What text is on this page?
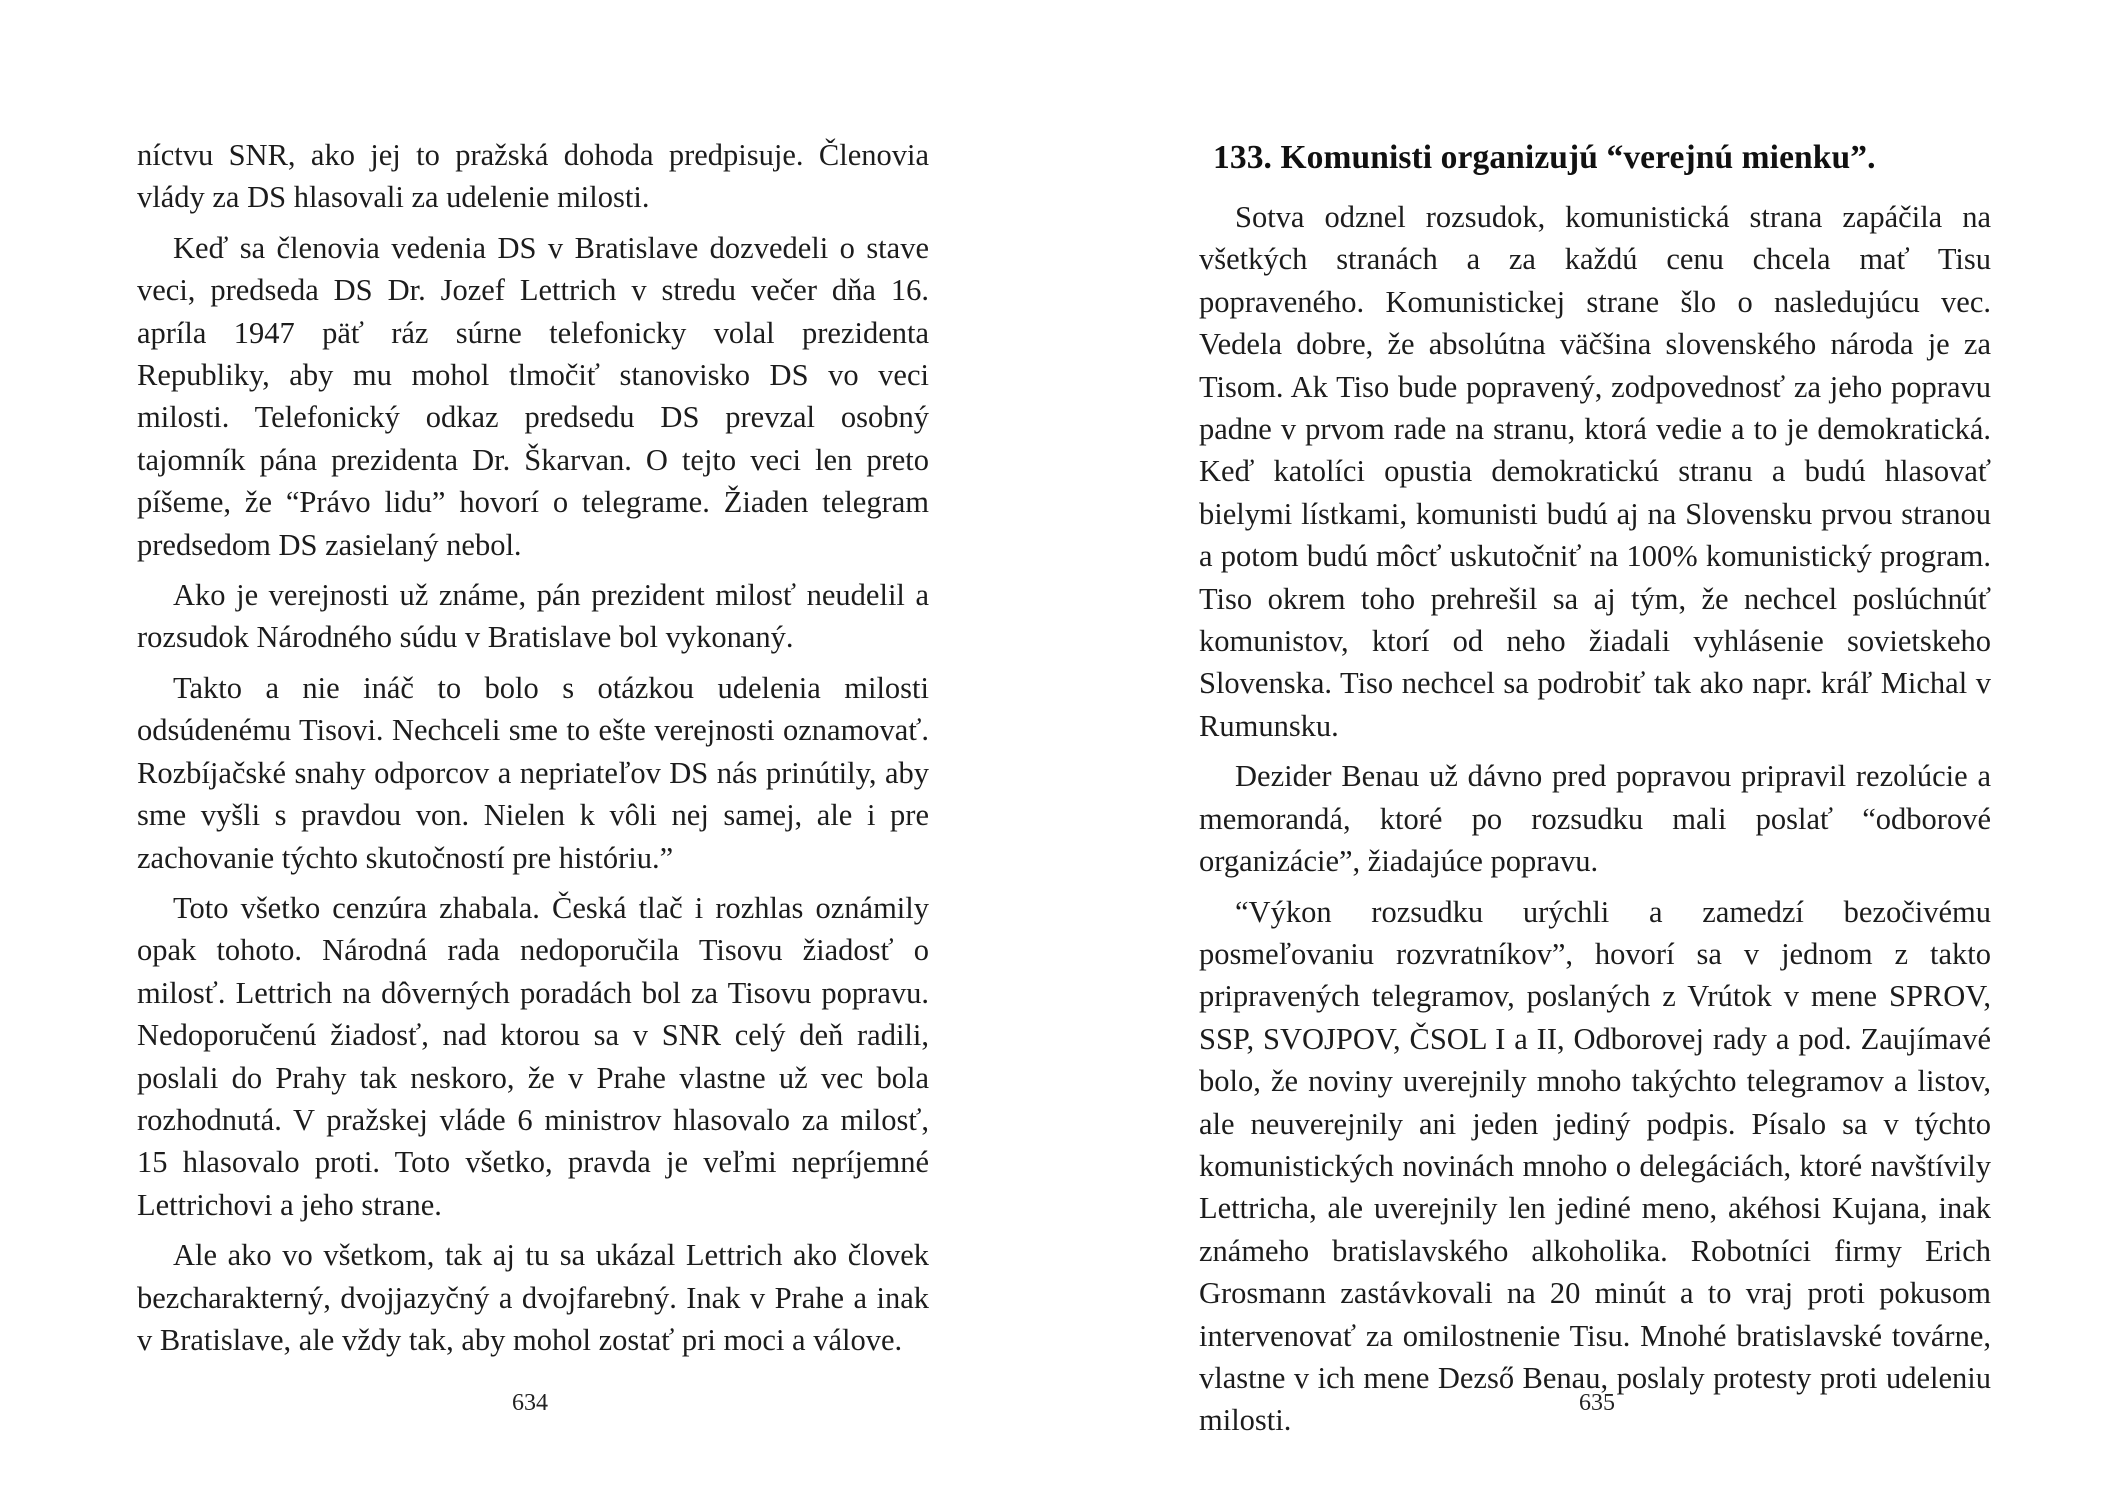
níctvu SNR, ako jej to pražská dohoda predpisuje. Členovia vlády za DS hlasovali za udelenie milosti.

Keď sa členovia vedenia DS v Bratislave dozvedeli o stave veci, predseda DS Dr. Jozef Lettrich v stredu večer dňa 16. apríla 1947 päť ráz súrne telefonicky volal prezidenta Republiky, aby mu mohol tlmočiť stanovisko DS vo veci milosti. Telefonický odkaz predsedu DS prevzal osobný tajomník pána prezidenta Dr. Škarvan. O tejto veci len preto píšeme, že “Právo lidu” hovorí o telegrame. Žiaden telegram predsedom DS zasielaný nebol.

Ako je verejnosti už známe, pán prezident milosť neudelil a rozsudok Národného súdu v Bratislave bol vykonaný.

Takto a nie ináč to bolo s otázkou udelenia milosti odsúdenému Tisovi. Nechceli sme to ešte verejnosti oznamovať. Rozbíjačské snahy odporcov a nepriateľov DS nás prinútily, aby sme vyšli s pravdou von. Nielen k vôli nej samej, ale i pre zachovanie týchto skutočností pre históriu.”

Toto všetko cenzúra zhabala. Česká tlač i rozhlas oznámily opak tohoto. Národná rada nedoporučila Tisovu žiadosť o milosť. Lettrich na dôverných poradách bol za Tisovu popravu. Nedoporučenú žiadosť, nad ktorou sa v SNR celý deň radili, poslali do Prahy tak neskoro, že v Prahe vlastne už vec bola rozhodnutá. V pražskej vláde 6 ministrov hlasovalo za milosť, 15 hlasovalo proti. Toto všetko, pravda je veľmi nepríjemné Lettrichovi a jeho strane.

Ale ako vo všetkom, tak aj tu sa ukázal Lettrich ako človek bezcharakterný, dvojjazyčný a dvojfarebný. Inak v Prahe a inak v Bratislave, ale vždy tak, aby mohol zostať pri moci a válove.

634
133. Komunisti organizujú “verejnú mienku”.

Sotva odznel rozsudok, komunistická strana zapáčila na všetkých stranách a za každú cenu chcela mať Tisu popraveného. Komunistickej strane šlo o nasledujúcu vec. Vedela dobre, že absolútna väčšina slovenského národa je za Tisom. Ak Tiso bude popravený, zodpovednosť za jeho popravu padne v prvom rade na stranu, ktorá vedie a to je demokratická. Keď katolíci opustia demokratickú stranu a budú hlasovať bielymi lístkami, komunisti budú aj na Slovensku prvou stranou a potom budú môcť uskutočniť na 100% komunistický program. Tiso okrem toho prehrešil sa aj tým, že nechcel poslúchnúť komunistov, ktorí od neho žiadali vyhlásenie sovietskeho Slovenska. Tiso nechcel sa podrobiť tak ako napr. kráľ Michal v Rumunsku.

Dezider Benau už dávno pred popravou pripravil rezolúcie a memorandá, ktoré po rozsudku mali poslať “odborové organizácie”, žiadajúce popravu.

“Výkon rozsudku urýchli a zamedzí bezočivému posmeľovaniu rozvratníkov”, hovorí sa v jednom z takto pripravených telegramov, poslaných z Vrútok v mene SPROV, SSP, SVOJPOV, ČSOL I a II, Odborovej rady a pod. Zaujímavé bolo, že noviny uverejnily mnoho takýchto telegramov a listov, ale neuverejnily ani jeden jediný podpis. Písalo sa v týchto komunistických novinách mnoho o delegáciách, ktoré navštívily Lettricha, ale uverejnily len jediné meno, akéhosi Kujana, inak známeho bratislavského alkoholika. Robotníci firmy Erich Grosmann zastávkovali na 20 minút a to vraj proti pokusom intervenovať za omilostnenie Tisu. Mnohé bratislavské továrne, vlastne v ich mene Dezső Benau, poslaly protesty proti udeleniu milosti.

635
